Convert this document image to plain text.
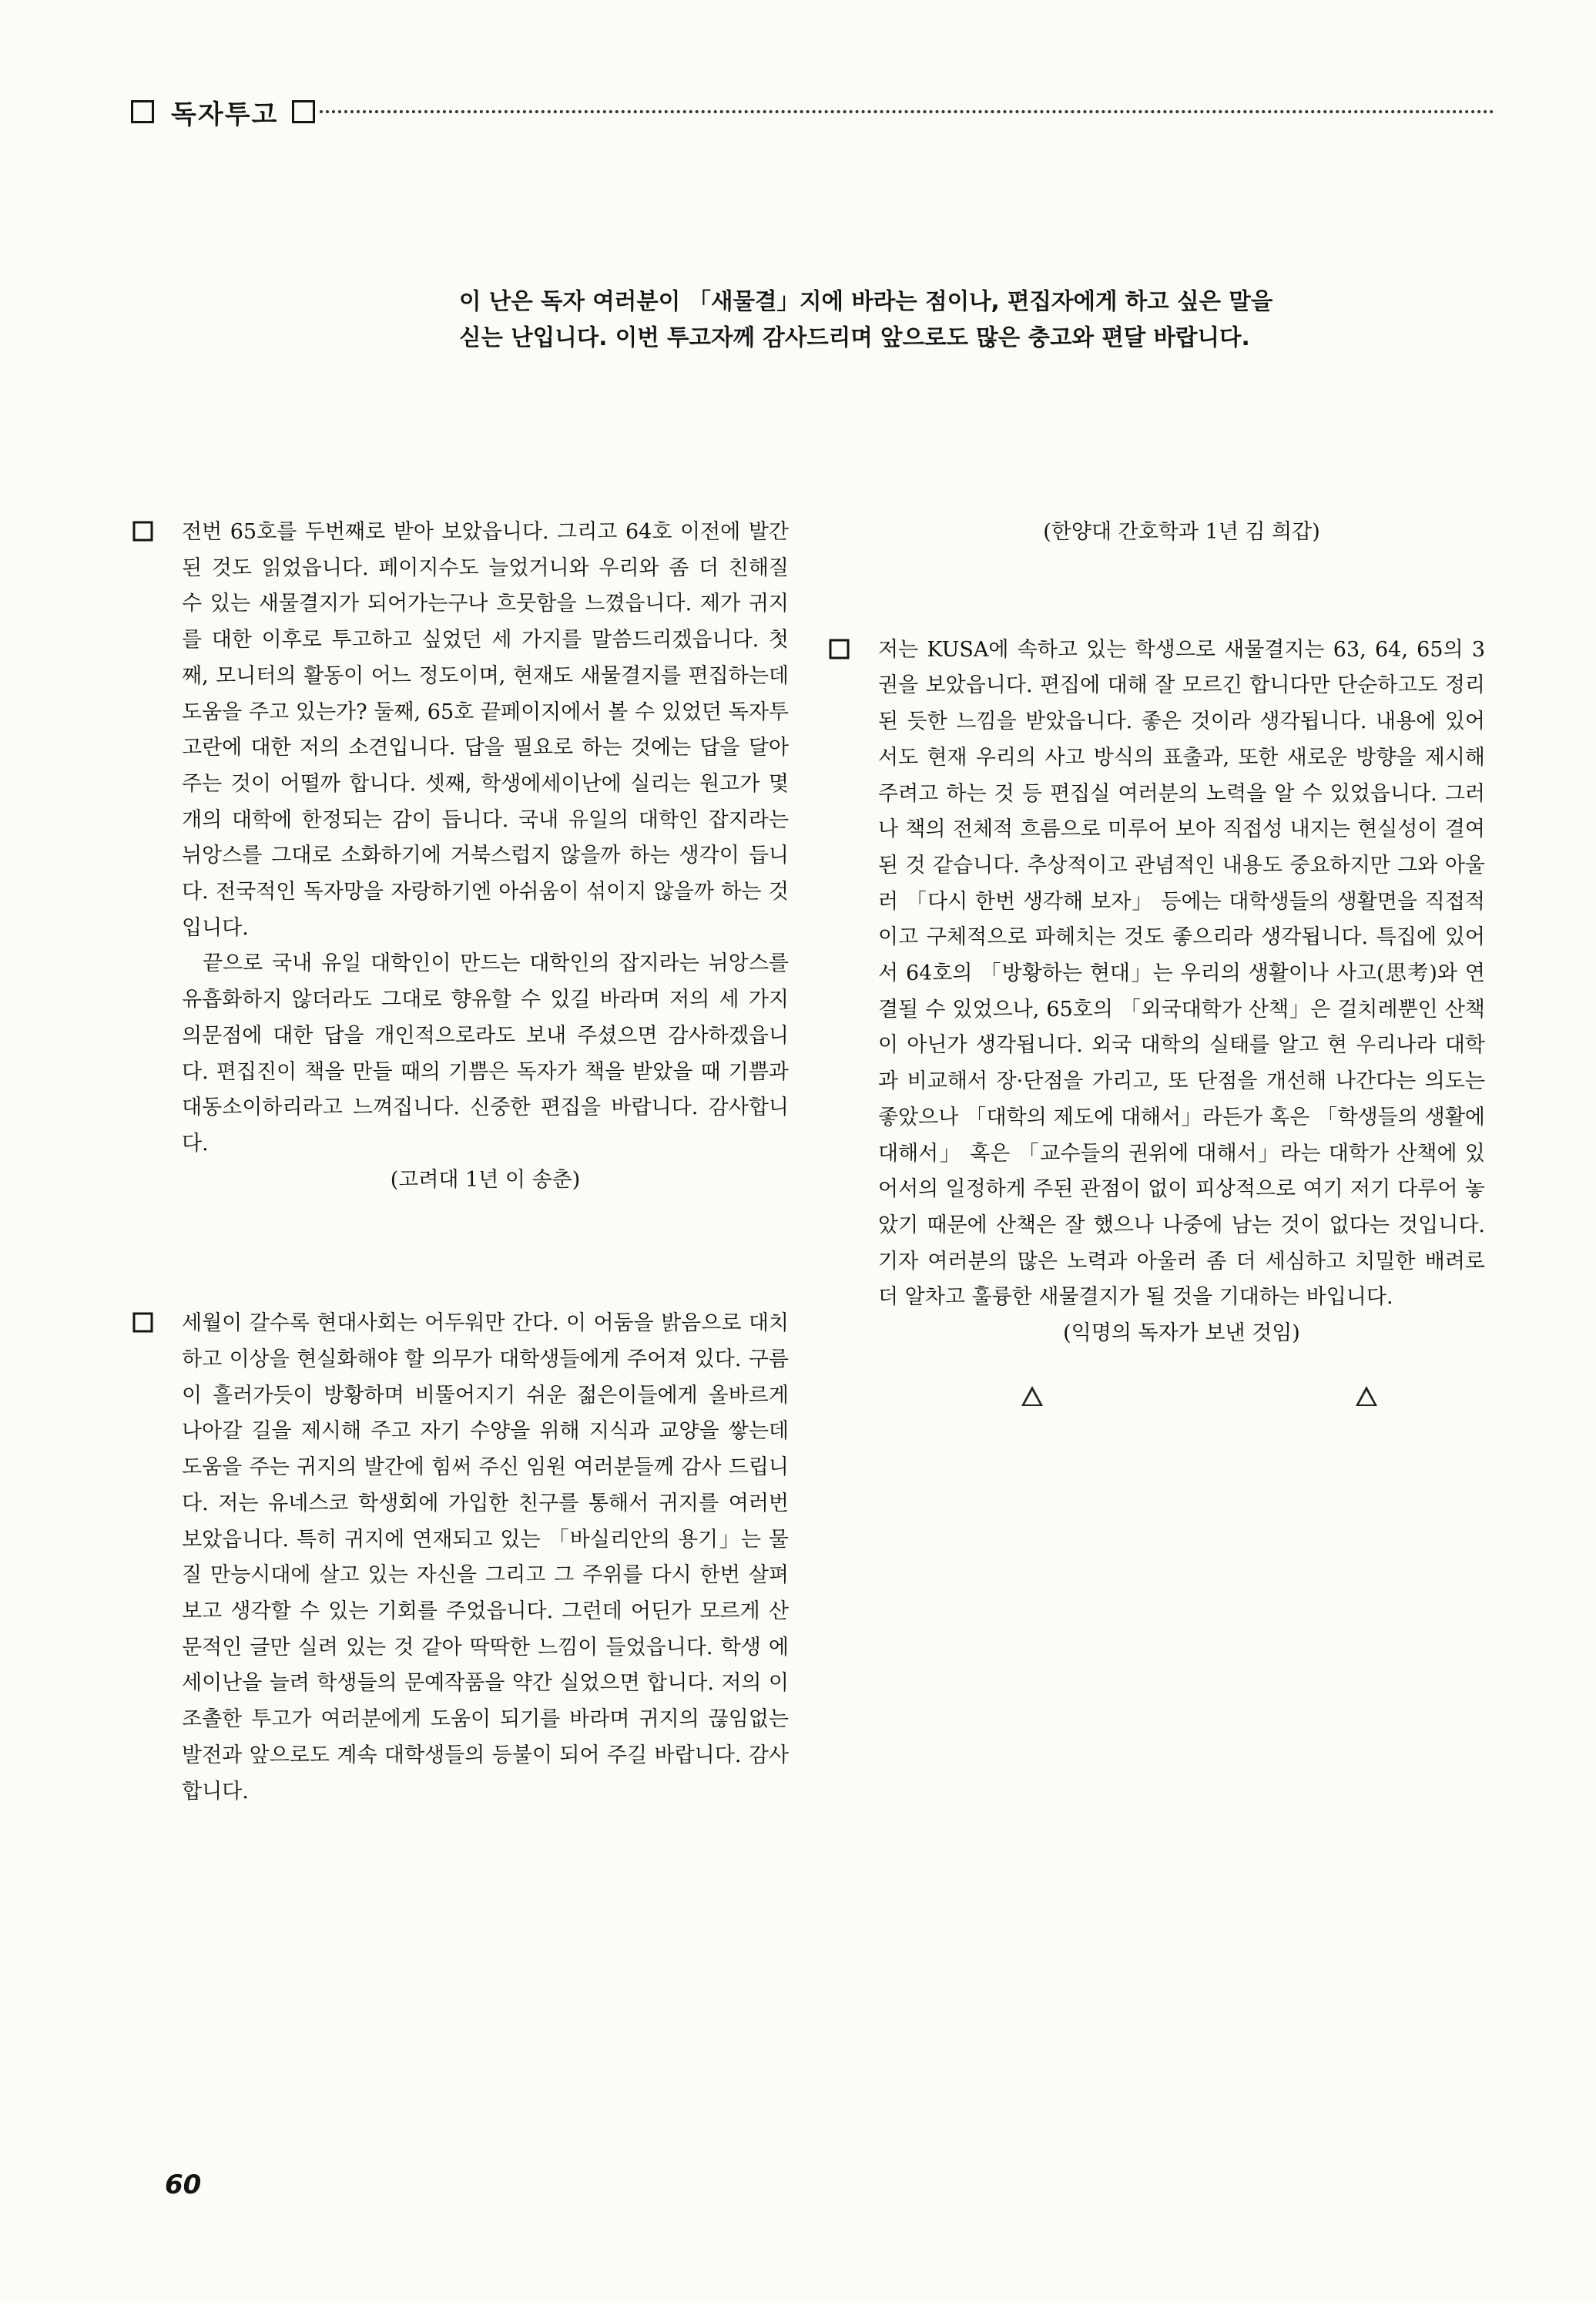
독자투고
이 난은 독자 여러분이 「새물결」지에 바라는 점이나, 편집자에게 하고 싶은 말을
싣는 난입니다. 이번 투고자께 감사드리며 앞으로도 많은 충고와 편달 바랍니다.

전번 65호를 두번째로 받아 보았읍니다. 그리고 64호 이전에 발간된 것도 읽었읍니다. 페이지수도 늘었거니와 우리와 좀 더 친해질 수 있는 새물결지가 되어가는구나 흐뭇함을 느꼈읍니다. 제가 귀지를 대한 이후로 투고하고 싶었던 세 가지를 말씀드리겠읍니다. 첫째, 모니터의 활동이 어느 정도이며, 현재도 새물결지를 편집하는데 도움을 주고 있는가? 둘째, 65호 끝페이지에서 볼 수 있었던 독자투고란에 대한 저의 소견입니다. 답을 필요로 하는 것에는 답을 달아주는 것이 어떨까 합니다. 셋째, 학생에세이난에 실리는 원고가 몇 개의 대학에 한정되는 감이 듭니다. 국내 유일의 대학인 잡지라는 뉘앙스를 그대로 소화하기에 거북스럽지 않을까 하는 생각이 듭니다. 전국적인 독자망을 자랑하기엔 아쉬움이 섞이지 않을까 하는 것입니다.

끝으로 국내 유일 대학인이 만드는 대학인의 잡지라는 뉘앙스를 유흡화하지 않더라도 그대로 향유할 수 있길 바라며 저의 세 가지 의문점에 대한 답을 개인적으로라도 보내 주셨으면 감사하겠읍니다. 편집진이 책을 만들 때의 기쁨은 독자가 책을 받았을 때 기쁨과 대동소이하리라고 느껴집니다. 신중한 편집을 바랍니다. 감사합니다.

(고려대 1년 이 송춘)

세월이 갈수록 현대사회는 어두워만 간다. 이 어둠을 밝음으로 대치하고 이상을 현실화해야 할 의무가 대학생들에게 주어져 있다. 구름이 흘러가듯이 방황하며 비뚤어지기 쉬운 젊은이들에게 올바르게 나아갈 길을 제시해 주고 자기 수양을 위해 지식과 교양을 쌓는데 도움을 주는 귀지의 발간에 힘써 주신 임원 여러분들께 감사 드립니다. 저는 유네스코 학생회에 가입한 친구를 통해서 귀지를 여러번 보았읍니다. 특히 귀지에 연재되고 있는 「바실리안의 용기」는 물질 만능시대에 살고 있는 자신을 그리고 그 주위를 다시 한번 살펴보고 생각할 수 있는 기회를 주었읍니다. 그런데 어딘가 모르게 산문적인 글만 실려 있는 것 같아 딱딱한 느낌이 들었읍니다. 학생 에세이난을 늘려 학생들의 문예작품을 약간 실었으면 합니다. 저의 이 조촐한 투고가 여러분에게 도움이 되기를 바라며 귀지의 끊임없는 발전과 앞으로도 계속 대학생들의 등불이 되어 주길 바랍니다. 감사합니다.

(한양대 간호학과 1년 김 희갑)

저는 KUSA에 속하고 있는 학생으로 새물결지는 63, 64, 65의 3권을 보았읍니다. 편집에 대해 잘 모르긴 합니다만 단순하고도 정리된 듯한 느낌을 받았읍니다. 좋은 것이라 생각됩니다. 내용에 있어서도 현재 우리의 사고 방식의 표출과, 또한 새로운 방향을 제시해 주려고 하는 것 등 편집실 여러분의 노력을 알 수 있었읍니다. 그러나 책의 전체적 흐름으로 미루어 보아 직접성 내지는 현실성이 결여된 것 같습니다. 추상적이고 관념적인 내용도 중요하지만 그와 아울러 「다시 한번 생각해 보자」 등에는 대학생들의 생활면을 직접적이고 구체적으로 파헤치는 것도 좋으리라 생각됩니다. 특집에 있어서 64호의 「방황하는 현대」는 우리의 생활이나 사고(思考)와 연결될 수 있었으나, 65호의 「외국대학가 산책」은 걸치레뿐인 산책이 아닌가 생각됩니다. 외국 대학의 실태를 알고 현 우리나라 대학과 비교해서 장·단점을 가리고, 또 단점을 개선해 나간다는 의도는 좋았으나 「대학의 제도에 대해서」라든가 혹은 「학생들의 생활에 대해서」 혹은 「교수들의 권위에 대해서」라는 대학가 산책에 있어서의 일정하게 주된 관점이 없이 피상적으로 여기 저기 다루어 놓았기 때문에 산책은 잘 했으나 나중에 남는 것이 없다는 것입니다. 기자 여러분의 많은 노력과 아울러 좀 더 세심하고 치밀한 배려로 더 알차고 훌륭한 새물결지가 될 것을 기대하는 바입니다.

(익명의 독자가 보낸 것임)

60
